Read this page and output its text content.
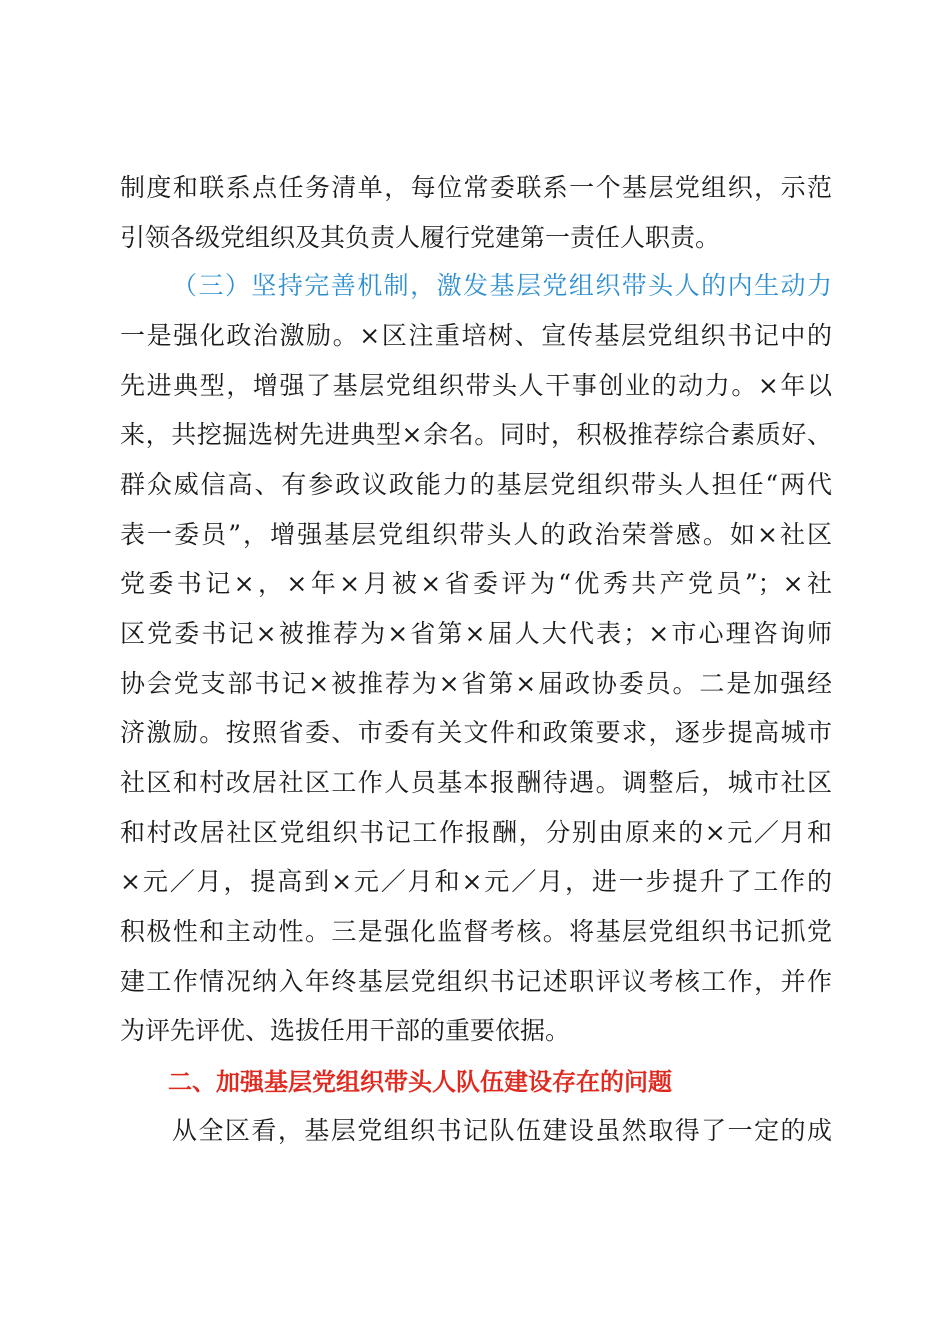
制度和联系点任务清单，每位常委联系一个基层党组织，示范
引领各级党组织及其负责人履行党建第一责任人职责。
（三）坚持完善机制，激发基层党组织带头人的内生动力
一是强化政治激励。×区注重培树、宣传基层党组织书记中的
先进典型，增强了基层党组织带头人干事创业的动力。×年以
来，共挖掘选树先进典型×余名。同时，积极推荐综合素质好、
群众威信高、有参政议政能力的基层党组织带头人担任“两代
表一委员”，增强基层党组织带头人的政治荣誉感。如×社区
党委书记×，×年×月被×省委评为“优秀共产党员”；×社
区党委书记×被推荐为×省第×届人大代表；×市心理咨询师
协会党支部书记×被推荐为×省第×届政协委员。二是加强经
济激励。按照省委、市委有关文件和政策要求，逐步提高城市
社区和村改居社区工作人员基本报酬待遇。调整后，城市社区
和村改居社区党组织书记工作报酬，分别由原来的×元／月和
×元／月，提高到×元／月和×元／月，进一步提升了工作的
积极性和主动性。三是强化监督考核。将基层党组织书记抓党
建工作情况纳入年终基层党组织书记述职评议考核工作，并作
为评先评优、选拔任用干部的重要依据。
二、加强基层党组织带头人队伍建设存在的问题
从全区看，基层党组织书记队伍建设虽然取得了一定的成
